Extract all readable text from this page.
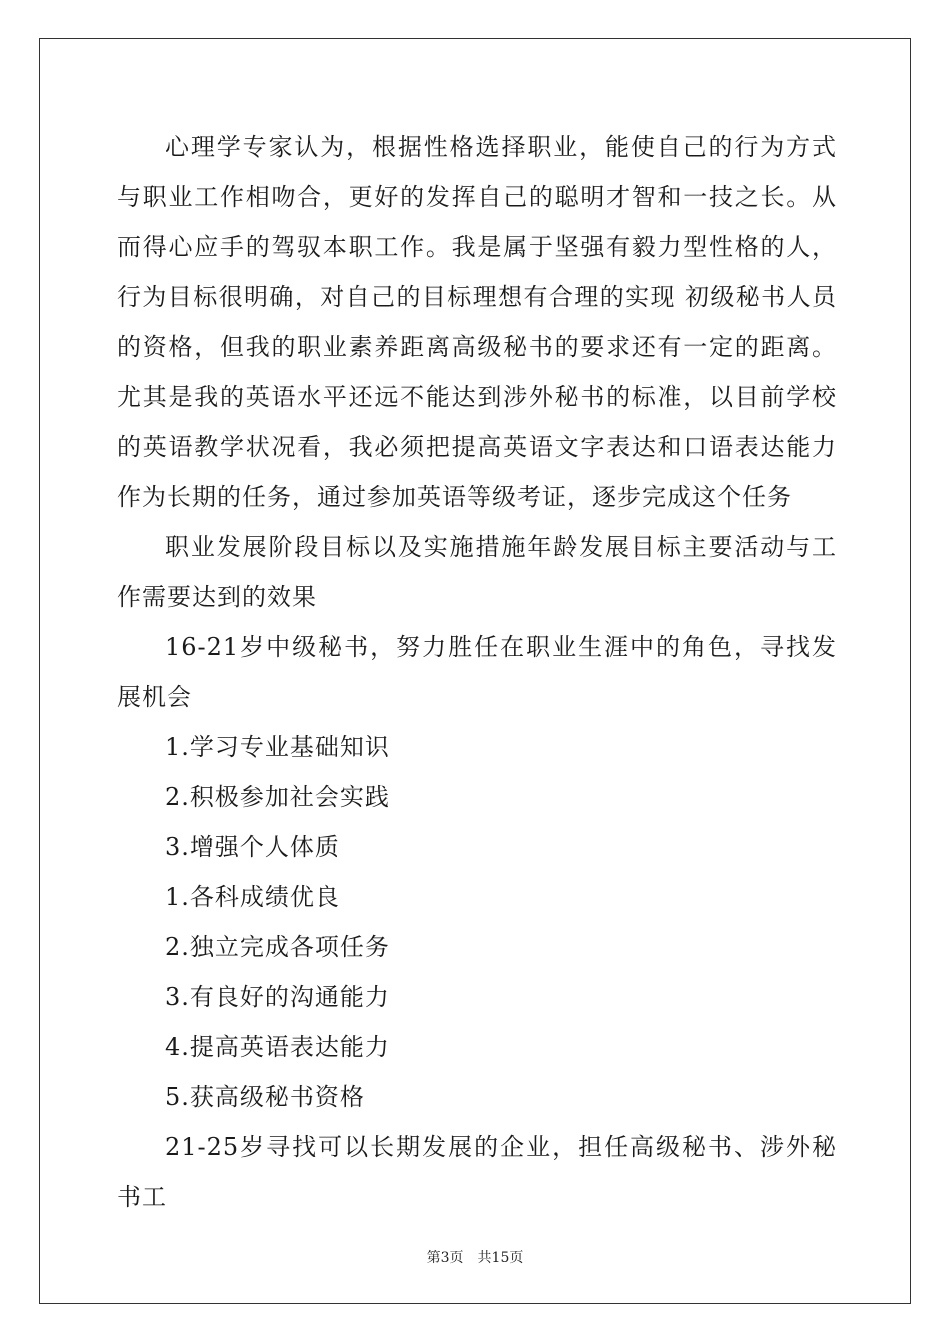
心理学专家认为，根据性格选择职业，能使自己的行为方式与职业工作相吻合，更好的发挥自己的聪明才智和一技之长。从而得心应手的驾驭本职工作。我是属于坚强有毅力型性格的人，行为目标很明确，对自己的目标理想有合理的实现 初级秘书人员 的资格，但我的职业素养距离高级秘书的要求还有一定的距离。尤其是我的英语水平还远不能达到涉外秘书的标准，以目前学校的英语教学状况看，我必须把提高英语文字表达和口语表达能力作为长期的任务，通过参加英语等级考证，逐步完成这个任务

职业发展阶段目标以及实施措施年龄发展目标主要活动与工作需要达到的效果

16-21岁中级秘书，努力胜任在职业生涯中的角色，寻找发展机会

1.学习专业基础知识

2.积极参加社会实践

3.增强个人体质

1.各科成绩优良

2.独立完成各项任务

3.有良好的沟通能力

4.提高英语表达能力

5.获高级秘书资格

21-25岁寻找可以长期发展的企业，担任高级秘书、涉外秘书工

第3页 共15页
